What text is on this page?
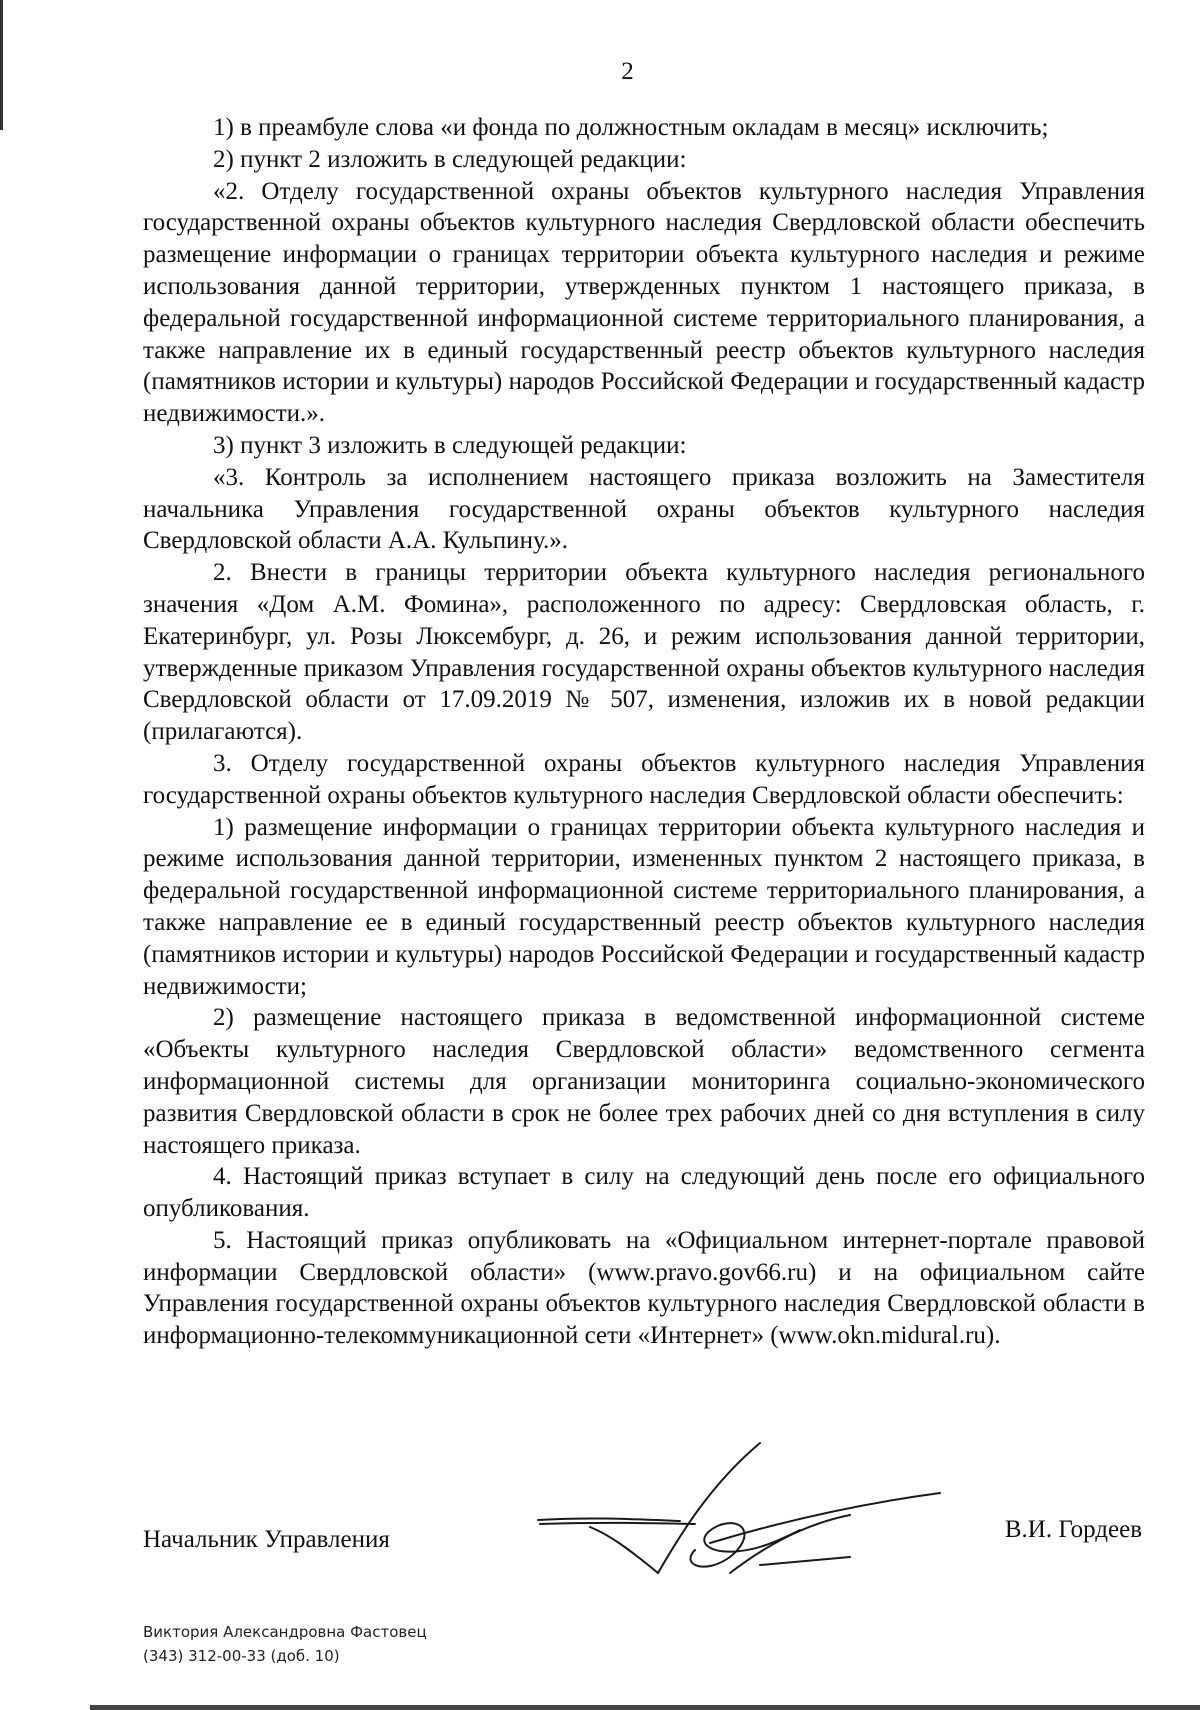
2

1) в преамбуле слова «и фонда по должностным окладам в месяц» исключить;

2) пункт 2 изложить в следующей редакции:

«2. Отделу государственной охраны объектов культурного наследия Управления государственной охраны объектов культурного наследия Свердловской области обеспечить размещение информации о границах территории объекта культурного наследия и режиме использования данной территории, утвержденных пунктом 1 настоящего приказа, в федеральной государственной информационной системе территориального планирования, а также направление их в единый государственный реестр объектов культурного наследия (памятников истории и культуры) народов Российской Федерации и государственный кадастр недвижимости.».

3) пункт 3 изложить в следующей редакции:

«3. Контроль за исполнением настоящего приказа возложить на Заместителя начальника Управления государственной охраны объектов культурного наследия Свердловской области А.А. Кульпину.».

2. Внести в границы территории объекта культурного наследия регионального значения «Дом А.М. Фомина», расположенного по адресу: Свердловская область, г. Екатеринбург, ул. Розы Люксембург, д. 26, и режим использования данной территории, утвержденные приказом Управления государственной охраны объектов культурного наследия Свердловской области от 17.09.2019 № 507, изменения, изложив их в новой редакции (прилагаются).

3. Отделу государственной охраны объектов культурного наследия Управления государственной охраны объектов культурного наследия Свердловской области обеспечить:

1) размещение информации о границах территории объекта культурного наследия и режиме использования данной территории, измененных пунктом 2 настоящего приказа, в федеральной государственной информационной системе территориального планирования, а также направление ее в единый государственный реестр объектов культурного наследия (памятников истории и культуры) народов Российской Федерации и государственный кадастр недвижимости;

2) размещение настоящего приказа в ведомственной информационной системе «Объекты культурного наследия Свердловской области» ведомственного сегмента информационной системы для организации мониторинга социально-экономического развития Свердловской области в срок не более трех рабочих дней со дня вступления в силу настоящего приказа.

4. Настоящий приказ вступает в силу на следующий день после его официального опубликования.

5. Настоящий приказ опубликовать на «Официальном интернет-портале правовой информации Свердловской области» (www.pravo.gov66.ru) и на официальном сайте Управления государственной охраны объектов культурного наследия Свердловской области в информационно-телекоммуникационной сети «Интернет» (www.okn.midural.ru).

Начальник Управления	В.И. Гордеев
Виктория Александровна Фастовец
(343) 312-00-33 (доб. 10)
